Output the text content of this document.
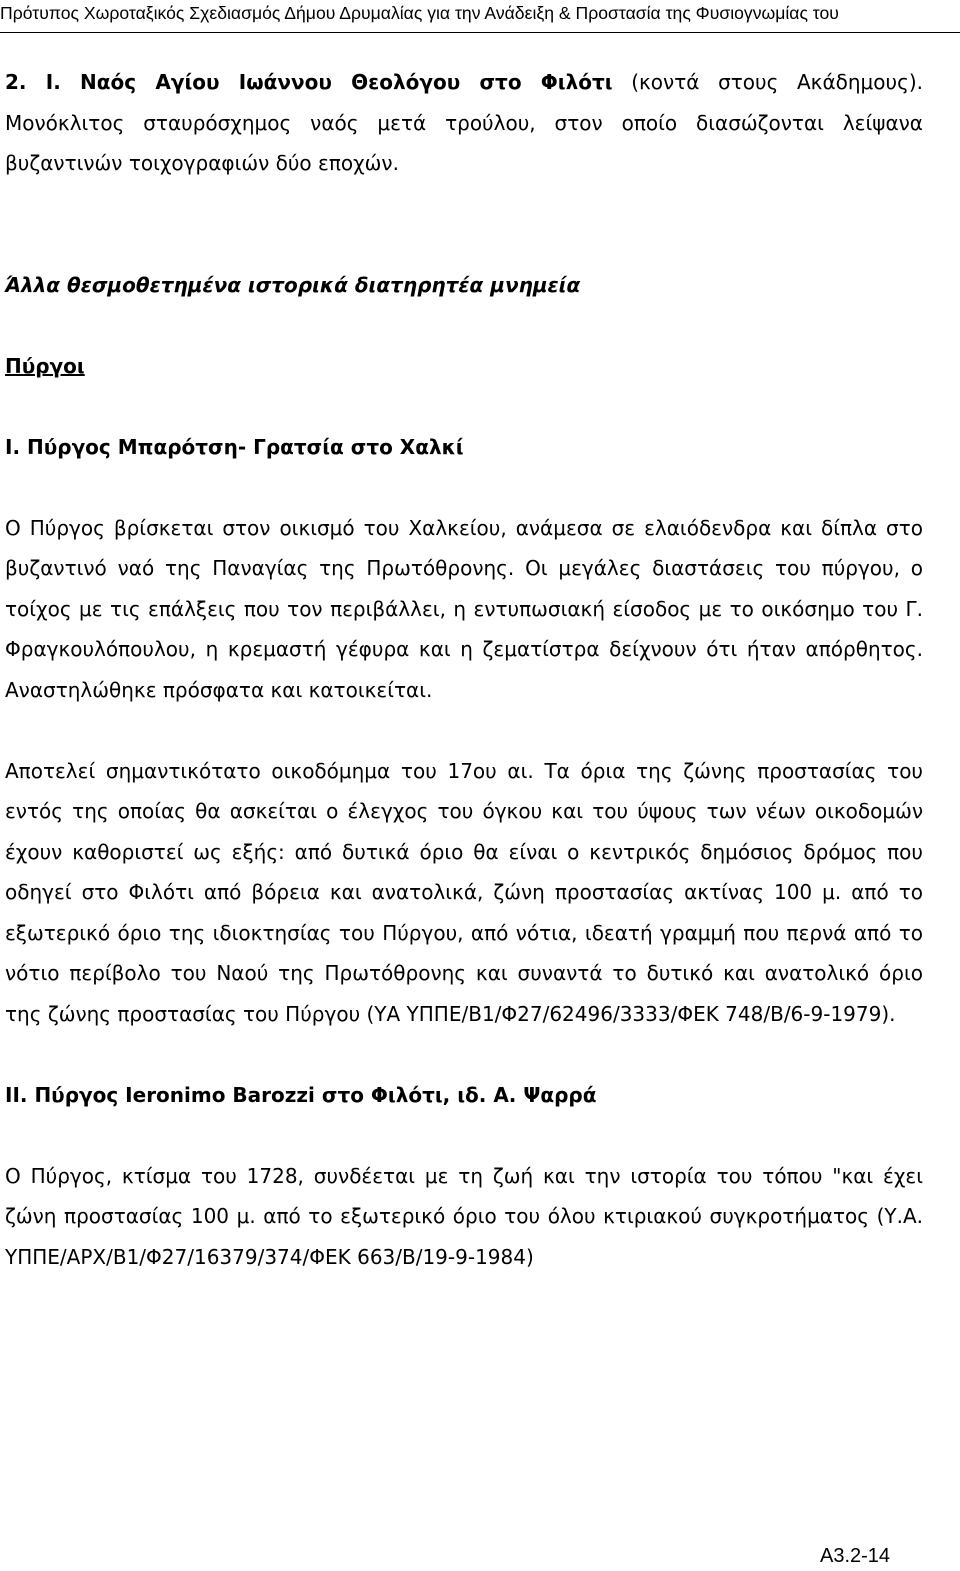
Πρότυπος Χωροταξικός Σχεδιασμός Δήμου Δρυμαλίας για την Ανάδειξη & Προστασία της Φυσιογνωμίας του

2. Ι. Ναός Αγίου Ιωάννου Θεολόγου στο Φιλότι (κοντά στους Ακάδημους). Μονόκλιτος σταυρόσχημος ναός μετά τρούλου, στον οποίο διασώζονται λείψανα βυζαντινών τοιχογραφιών δύο εποχών.

Άλλα θεσμοθετημένα ιστορικά διατηρητέα μνημεία

Πύργοι

Ι. Πύργος Μπαρότση- Γρατσία στο Χαλκί

Ο Πύργος βρίσκεται στον οικισμό του Χαλκείου, ανάμεσα σε ελαιόδενδρα και δίπλα στο βυζαντινό ναό της Παναγίας της Πρωτόθρονης. Οι μεγάλες διαστάσεις του πύργου, ο τοίχος με τις επάλξεις που τον περιβάλλει, η εντυπωσιακή είσοδος με το οικόσημο του Γ. Φραγκουλόπουλου, η κρεμαστή γέφυρα και η ζεματίστρα δείχνουν ότι ήταν απόρθητος. Αναστηλώθηκε πρόσφατα και κατοικείται.

Αποτελεί σημαντικότατο οικοδόμημα του 17ου αι. Τα όρια της ζώνης προστασίας του εντός της οποίας θα ασκείται ο έλεγχος του όγκου και του ύψους των νέων οικοδομών έχουν καθοριστεί ως εξής: από δυτικά όριο θα είναι ο κεντρικός δημόσιος δρόμος που οδηγεί στο Φιλότι από βόρεια και ανατολικά, ζώνη προστασίας ακτίνας 100 μ. από το εξωτερικό όριο της ιδιοκτησίας του Πύργου, από νότια, ιδεατή γραμμή που περνά από το νότιο περίβολο του Ναού της Πρωτόθρονης και συναντά το δυτικό και ανατολικό όριο της ζώνης προστασίας του Πύργου (ΥΑ ΥΠΠΕ/Β1/Φ27/62496/3333/ΦΕΚ 748/Β/6-9-1979).

ΙΙ. Πύργος Ieronimo Barozzi στο Φιλότι, ιδ. Α. Ψαρρά

Ο Πύργος, κτίσμα του 1728, συνδέεται με τη ζωή και την ιστορία του τόπου "και έχει ζώνη προστασίας 100 μ. από το εξωτερικό όριο του όλου κτιριακού συγκροτήματος (Υ.Α. ΥΠΠΕ/ΑΡΧ/Β1/Φ27/16379/374/ΦΕΚ 663/Β/19-9-1984)

Α3.2-14
